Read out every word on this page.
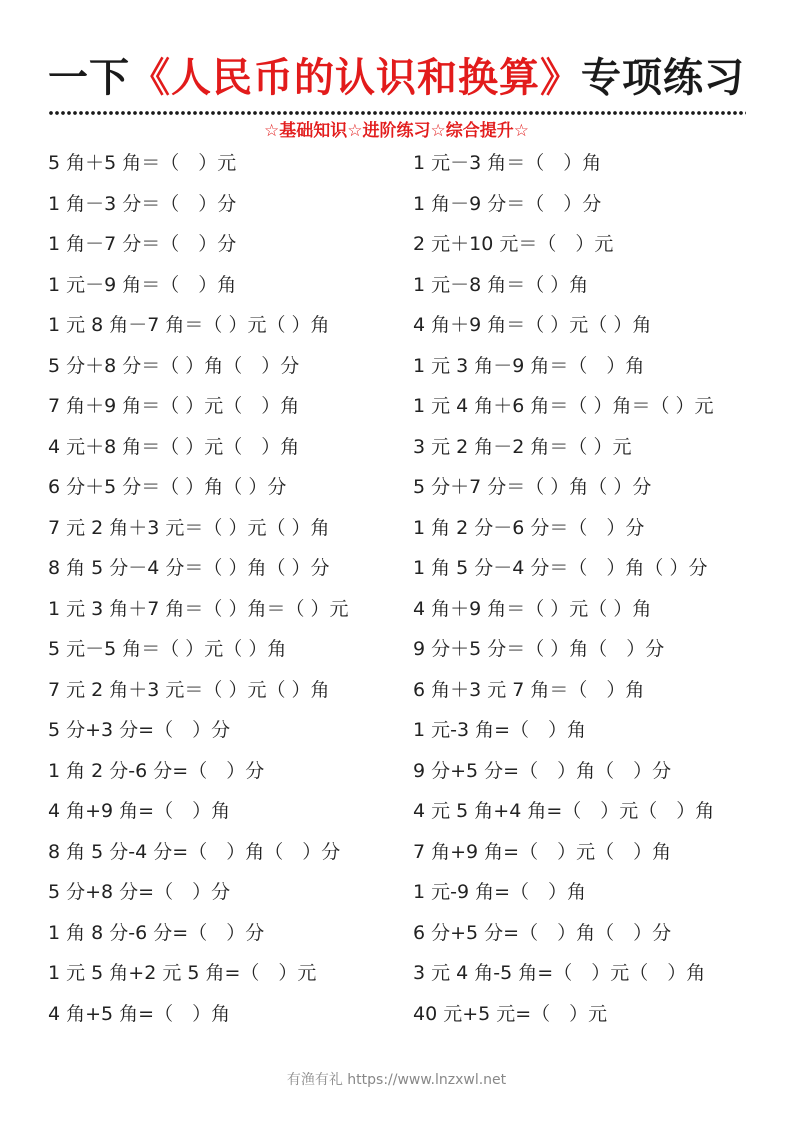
一下《人民币的认识和换算》专项练习
☆基础知识☆进阶练习☆综合提升☆
5 角＋5 角＝（　）元
1 角－3 分＝（　）分
1 角－7 分＝（　）分
1 元－9 角＝（　）角
1 元 8 角－7 角＝（ ）元（ ）角
5 分＋8 分＝（ ）角（　）分
7 角＋9 角＝（ ）元（　）角
4 元＋8 角＝（ ）元（　）角
6 分＋5 分＝（ ）角（ ）分
7 元 2 角＋3 元＝（ ）元（ ）角
8 角 5 分－4 分＝（ ）角（ ）分
1 元 3 角＋7 角＝（ ）角＝（ ）元
5 元－5 角＝（ ）元（ ）角
7 元 2 角＋3 元＝（ ）元（ ）角
5 分+3 分=（　）分
1 角 2 分-6 分=（　）分
4 角+9 角=（　）角
8 角 5 分-4 分=（　）角（　）分
5 分+8 分=（　）分
1 角 8 分-6 分=（　）分
1 元 5 角+2 元 5 角=（　）元
4 角+5 角=（　）角
1 元－3 角＝（　）角
1 角－9 分＝（　）分
2 元＋10 元＝（　）元
1 元－8 角＝（ ）角
4 角＋9 角＝（ ）元（ ）角
1 元 3 角－9 角＝（　）角
1 元 4 角＋6 角＝（ ）角＝（ ）元
3 元 2 角－2 角＝（ ）元
5 分＋7 分＝（ ）角（ ）分
1 角 2 分－6 分＝（　）分
1 角 5 分－4 分＝（　）角（ ）分
4 角＋9 角＝（ ）元（ ）角
9 分＋5 分＝（ ）角（　）分
6 角＋3 元 7 角＝（　）角
1 元-3 角=（　）角
9 分+5 分=（　）角（　）分
4 元 5 角+4 角=（　）元（　）角
7 角+9 角=（　）元（　）角
1 元-9 角=（　）角
6 分+5 分=（　）角（　）分
3 元 4 角-5 角=（　）元（　）角
40 元+5 元=（　）元
有渔有礼 https://www.lnzxwl.net
